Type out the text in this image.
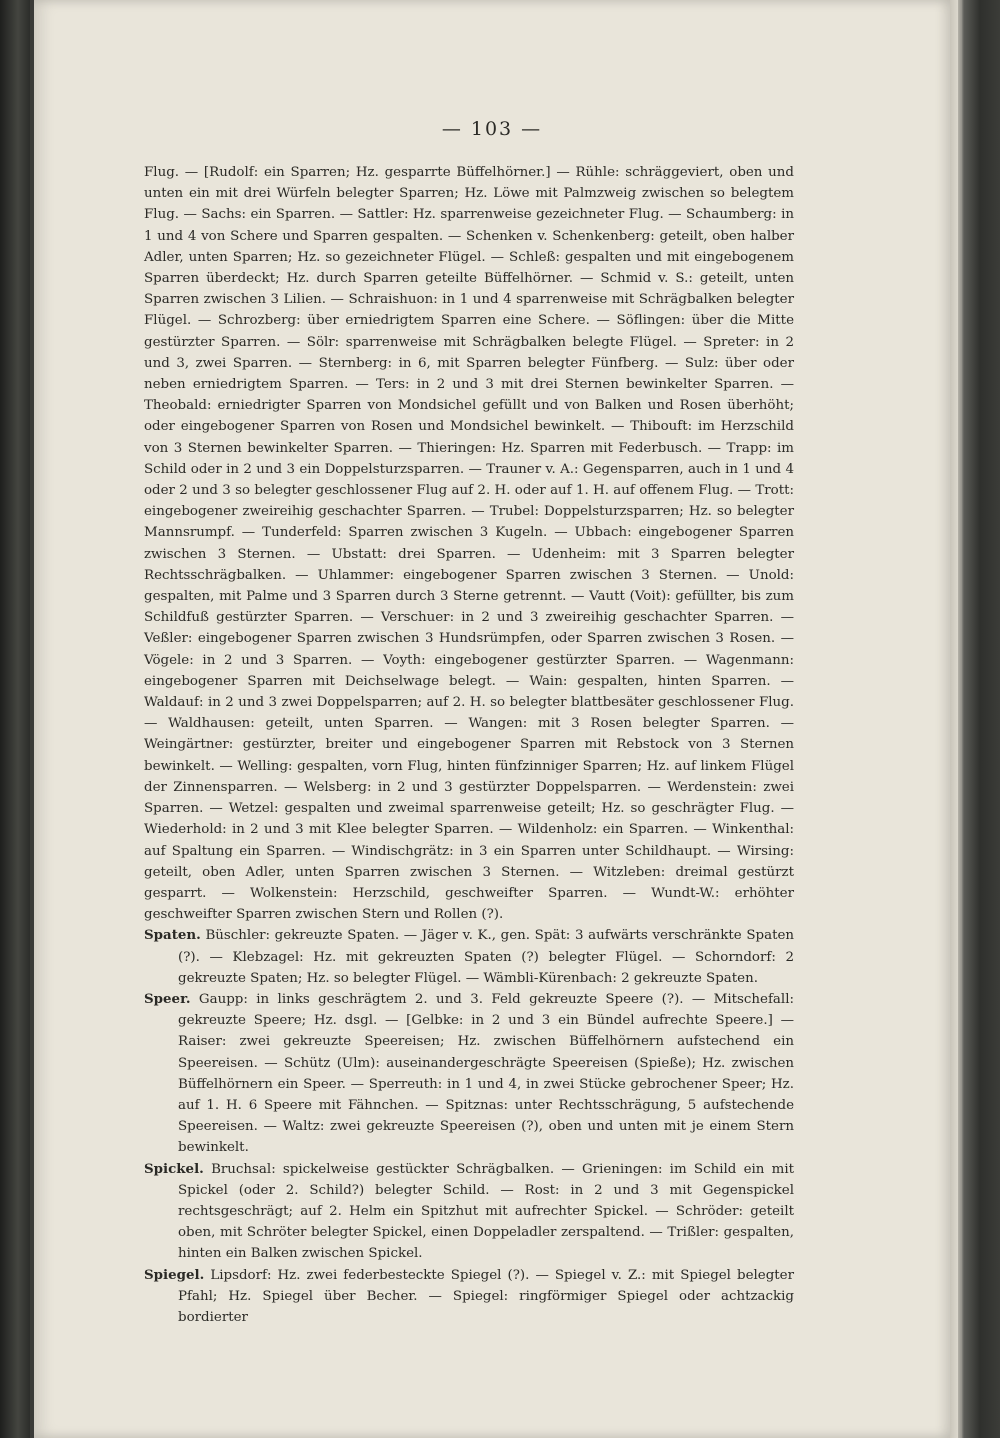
— 103 —

Flug. — [Rudolf: ein Sparren; Hz. gesparrte Büffelhörner.] — Rühle: schräggeviert, oben und unten ein mit drei Würfeln belegter Sparren; Hz. Löwe mit Palmzweig zwischen so belegtem Flug. — Sachs: ein Sparren. — Sattler: Hz. sparrenweise gezeichneter Flug. — Schaumberg: in 1 und 4 von Schere und Sparren gespalten. — Schenken v. Schenkenberg: geteilt, oben halber Adler, unten Sparren; Hz. so gezeichneter Flügel. — Schleß: gespalten und mit eingebogenem Sparren überdeckt; Hz. durch Sparren geteilte Büffelhörner. — Schmid v. S.: geteilt, unten Sparren zwischen 3 Lilien. — Schraishuon: in 1 und 4 sparrenweise mit Schrägbalken belegter Flügel. — Schrozberg: über erniedrigtem Sparren eine Schere. — Söflingen: über die Mitte gestürzter Sparren. — Sölr: sparrenweise mit Schrägbalken belegte Flügel. — Spreter: in 2 und 3, zwei Sparren. — Sternberg: in 6, mit Sparren belegter Fünfberg. — Sulz: über oder neben erniedrigtem Sparren. — Ters: in 2 und 3 mit drei Sternen bewinkelter Sparren. — Theobald: erniedrigter Sparren von Mondsichel gefüllt und von Balken und Rosen überhöht; oder eingebogener Sparren von Rosen und Mondsichel bewinkelt. — Thibouft: im Herzschild von 3 Sternen bewinkelter Sparren. — Thieringen: Hz. Sparren mit Federbusch. — Trapp: im Schild oder in 2 und 3 ein Doppelsturzsparren. — Trauner v. A.: Gegensparren, auch in 1 und 4 oder 2 und 3 so belegter geschlossener Flug auf 2. H. oder auf 1. H. auf offenem Flug. — Trott: eingebogener zweireihig geschachter Sparren. — Trubel: Doppelsturzsparren; Hz. so belegter Mannsrumpf. — Tunderfeld: Sparren zwischen 3 Kugeln. — Ubbach: eingebogener Sparren zwischen 3 Sternen. — Ubstatt: drei Sparren. — Udenheim: mit 3 Sparren belegter Rechtsschrägbalken. — Uhlammer: eingebogener Sparren zwischen 3 Sternen. — Unold: gespalten, mit Palme und 3 Sparren durch 3 Sterne getrennt. — Vautt (Voit): gefüllter, bis zum Schildfuß gestürzter Sparren. — Verschuer: in 2 und 3 zweireihig geschachter Sparren. — Veßler: eingebogener Sparren zwischen 3 Hundsrümpfen, oder Sparren zwischen 3 Rosen. — Vögele: in 2 und 3 Sparren. — Voyth: eingebogener gestürzter Sparren. — Wagenmann: eingebogener Sparren mit Deichselwage belegt. — Wain: gespalten, hinten Sparren. — Waldauf: in 2 und 3 zwei Doppelsparren; auf 2. H. so belegter blattbesäter geschlossener Flug. — Waldhausen: geteilt, unten Sparren. — Wangen: mit 3 Rosen belegter Sparren. — Weingärtner: gestürzter, breiter und eingebogener Sparren mit Rebstock von 3 Sternen bewinkelt. — Welling: gespalten, vorn Flug, hinten fünfzinniger Sparren; Hz. auf linkem Flügel der Zinnensparren. — Welsberg: in 2 und 3 gestürzter Doppelsparren. — Werdenstein: zwei Sparren. — Wetzel: gespalten und zweimal sparrenweise geteilt; Hz. so geschrägter Flug. — Wiederhold: in 2 und 3 mit Klee belegter Sparren. — Wildenholz: ein Sparren. — Winkenthal: auf Spaltung ein Sparren. — Windischgrätz: in 3 ein Sparren unter Schildhaupt. — Wirsing: geteilt, oben Adler, unten Sparren zwischen 3 Sternen. — Witzleben: dreimal gestürzt gesparrt. — Wolkenstein: Herzschild, geschweifter Sparren. — Wundt-W.: erhöhter geschweifter Sparren zwischen Stern und Rollen (?).

Spaten. Büschler: gekreuzte Spaten. — Jäger v. K., gen. Spät: 3 aufwärts verschränkte Spaten (?). — Klebzagel: Hz. mit gekreuzten Spaten (?) belegter Flügel. — Schorndorf: 2 gekreuzte Spaten; Hz. so belegter Flügel. — Wämbli-Kürenbach: 2 gekreuzte Spaten.

Speer. Gaupp: in links geschrägtem 2. und 3. Feld gekreuzte Speere (?). — Mitschefall: gekreuzte Speere; Hz. dsgl. — [Gelbke: in 2 und 3 ein Bündel aufrechte Speere.] — Raiser: zwei gekreuzte Speereisen; Hz. zwischen Büffelhörnern aufstechend ein Speereisen. — Schütz (Ulm): auseinandergeschrägte Speereisen (Spieße); Hz. zwischen Büffelhörnern ein Speer. — Sperreuth: in 1 und 4, in zwei Stücke gebrochener Speer; Hz. auf 1. H. 6 Speere mit Fähnchen. — Spitznas: unter Rechtsschrägung, 5 aufstechende Speereisen. — Waltz: zwei gekreuzte Speereisen (?), oben und unten mit je einem Stern bewinkelt.

Spickel. Bruchsal: spickelweise gestückter Schrägbalken. — Grieningen: im Schild ein mit Spickel (oder 2. Schild?) belegter Schild. — Rost: in 2 und 3 mit Gegenspickel rechtsgeschrägt; auf 2. Helm ein Spitzhut mit aufrechter Spickel. — Schröder: geteilt oben, mit Schröter belegter Spickel, einen Doppeladler zerspaltend. — Trißler: gespalten, hinten ein Balken zwischen Spickel.

Spiegel. Lipsdorf: Hz. zwei federbesteckte Spiegel (?). — Spiegel v. Z.: mit Spiegel belegter Pfahl; Hz. Spiegel über Becher. — Spiegel: ringförmiger Spiegel oder achtzackig bordierter
